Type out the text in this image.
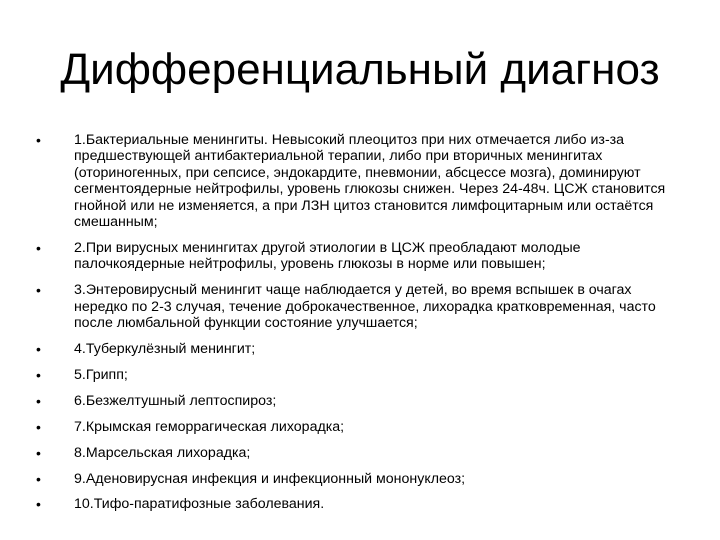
Дифференциальный диагноз
•	1.Бактериальные менингиты. Невысокий плеоцитоз при них отмечается либо из-за предшествующей антибактериальной терапии, либо при вторичных менингитах (оториногенных, при сепсисе, эндокардите, пневмонии, абсцессе мозга), доминируют сегментоядерные нейтрофилы, уровень глюкозы снижен. Через 24-48ч. ЦСЖ становится гнойной или не изменяется, а при ЛЗН цитоз становится лимфоцитарным или остаётся смешанным;
•	2.При вирусных менингитах другой этиологии в ЦСЖ преобладают молодые палочкоядерные нейтрофилы, уровень глюкозы в норме или повышен;
•	3.Энтеровирусный менингит чаще наблюдается у детей, во время вспышек в очагах нередко по 2-3 случая, течение доброкачественное, лихорадка кратковременная, часто после люмбальной функции состояние улучшается;
•	4.Туберкулёзный менингит;
•	5.Грипп;
•	6.Безжелтушный лептоспироз;
•	7.Крымская геморрагическая лихорадка;
•	8.Марсельская лихорадка;
•	9.Аденовирусная инфекция и инфекционный мононуклеоз;
•	10.Тифо-паратифозные заболевания.
